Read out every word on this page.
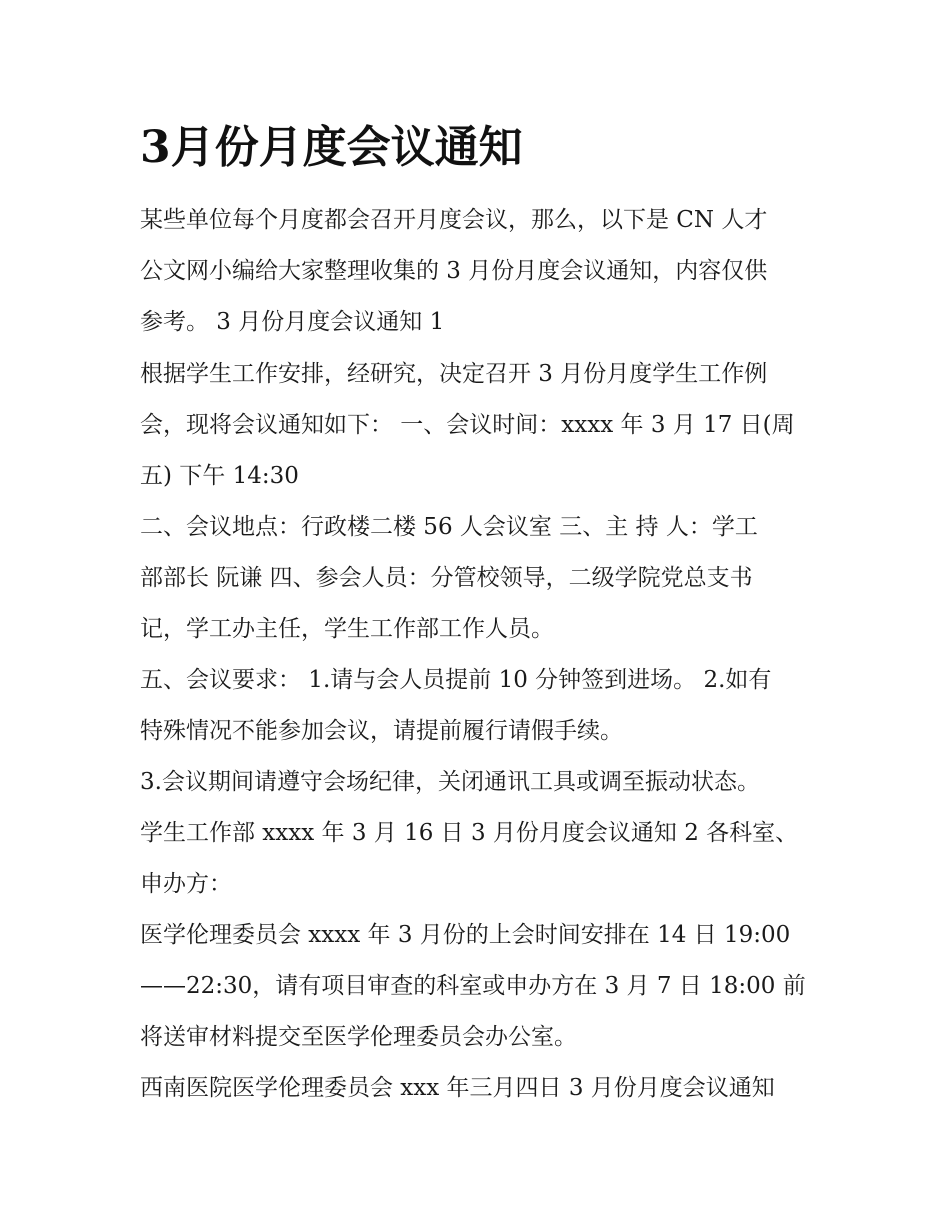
3月份月度会议通知

某些单位每个月度都会召开月度会议，那么，以下是 CN 人才

公文网小编给大家整理收集的 3 月份月度会议通知，内容仅供

参考。 3 月份月度会议通知 1

根据学生工作安排，经研究，决定召开 3 月份月度学生工作例

会，现将会议通知如下： 一、会议时间：xxxx 年 3 月 17 日(周

五) 下午 14:30

二、会议地点：行政楼二楼 56 人会议室 三、主 持 人：学工

部部长 阮谦 四、参会人员：分管校领导，二级学院党总支书

记，学工办主任，学生工作部工作人员。

五、会议要求： 1.请与会人员提前 10 分钟签到进场。 2.如有

特殊情况不能参加会议，请提前履行请假手续。

3.会议期间请遵守会场纪律，关闭通讯工具或调至振动状态。

学生工作部 xxxx 年 3 月 16 日 3 月份月度会议通知 2 各科室、

申办方：

医学伦理委员会 xxxx 年 3 月份的上会时间安排在 14 日 19:00

——22:30，请有项目审查的科室或申办方在 3 月 7 日 18:00 前

将送审材料提交至医学伦理委员会办公室。

西南医院医学伦理委员会 xxx 年三月四日 3 月份月度会议通知
